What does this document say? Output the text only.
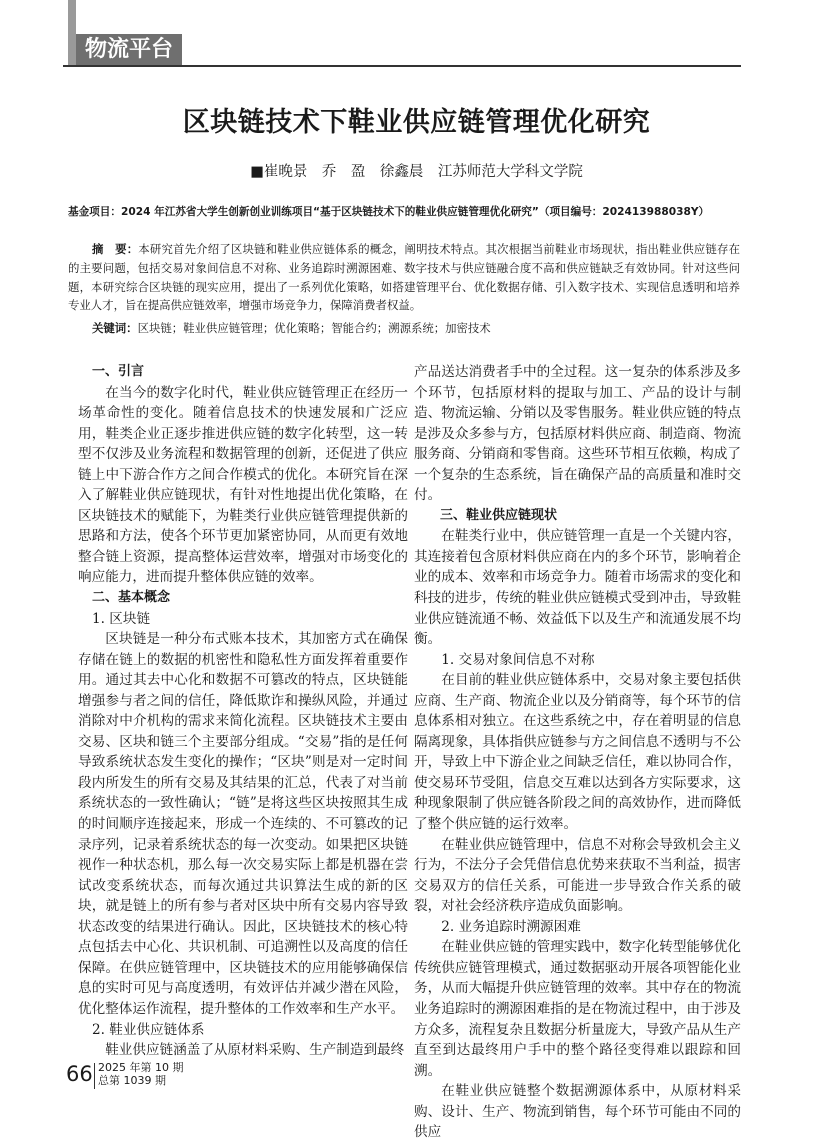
物流平台
区块链技术下鞋业供应链管理优化研究
■崔晚景　乔　盈　徐鑫晨　江苏师范大学科文学院
基金项目：2024 年江苏省大学生创新创业训练项目“基于区块链技术下的鞋业供应链管理优化研究”（项目编号：202413988038Y）
摘　要：本研究首先介绍了区块链和鞋业供应链体系的概念，阐明技术特点。其次根据当前鞋业市场现状，指出鞋业供应链存在的主要问题，包括交易对象间信息不对称、业务追踪时溯源困难、数字技术与供应链融合度不高和供应链缺乏有效协同。针对这些问题，本研究综合区块链的现实应用，提出了一系列优化策略，如搭建管理平台、优化数据存储、引入数字技术、实现信息透明和培养专业人才，旨在提高供应链效率，增强市场竞争力，保障消费者权益。
关键词：区块链；鞋业供应链管理；优化策略；智能合约；溯源系统；加密技术
一、引言

在当今的数字化时代，鞋业供应链管理正在经历一场革命性的变化。随着信息技术的快速发展和广泛应用，鞋类企业正逐步推进供应链的数字化转型，这一转型不仅涉及业务流程和数据管理的创新，还促进了供应链上中下游合作方之间合作模式的优化。本研究旨在深入了解鞋业供应链现状，有针对性地提出优化策略，在区块链技术的赋能下，为鞋类行业供应链管理提供新的思路和方法，使各个环节更加紧密协同，从而更有效地整合链上资源，提高整体运营效率，增强对市场变化的响应能力，进而提升整体供应链的效率。

二、基本概念

1. 区块链

区块链是一种分布式账本技术，其加密方式在确保存储在链上的数据的机密性和隐私性方面发挥着重要作用。通过其去中心化和数据不可篡改的特点，区块链能增强参与者之间的信任，降低欺诈和操纵风险，并通过消除对中介机构的需求来简化流程。区块链技术主要由交易、区块和链三个主要部分组成。“交易”指的是任何导致系统状态发生变化的操作；“区块”则是对一定时间段内所发生的所有交易及其结果的汇总，代表了对当前系统状态的一致性确认；“链”是将这些区块按照其生成的时间顺序连接起来，形成一个连续的、不可篡改的记录序列，记录着系统状态的每一次变动。如果把区块链视作一种状态机，那么每一次交易实际上都是机器在尝试改变系统状态，而每次通过共识算法生成的新的区块，就是链上的所有参与者对区块中所有交易内容导致状态改变的结果进行确认。因此，区块链技术的核心特点包括去中心化、共识机制、可追溯性以及高度的信任保障。在供应链管理中，区块链技术的应用能够确保信息的实时可见与高度透明，有效评估并减少潜在风险，优化整体运作流程，提升整体的工作效率和生产水平。

2. 鞋业供应链体系

鞋业供应链涵盖了从原材料采购、生产制造到最终

产品送达消费者手中的全过程。这一复杂的体系涉及多个环节，包括原材料的提取与加工、产品的设计与制造、物流运输、分销以及零售服务。鞋业供应链的特点是涉及众多参与方，包括原材料供应商、制造商、物流服务商、分销商和零售商。这些环节相互依赖，构成了一个复杂的生态系统，旨在确保产品的高质量和准时交付。

三、鞋业供应链现状

在鞋类行业中，供应链管理一直是一个关键内容，其连接着包含原材料供应商在内的多个环节，影响着企业的成本、效率和市场竞争力。随着市场需求的变化和科技的进步，传统的鞋业供应链模式受到冲击，导致鞋业供应链流通不畅、效益低下以及生产和流通发展不均衡。

1. 交易对象间信息不对称

在目前的鞋业供应链体系中，交易对象主要包括供应商、生产商、物流企业以及分销商等，每个环节的信息体系相对独立。在这些系统之中，存在着明显的信息隔离现象，具体指供应链参与方之间信息不透明与不公开，导致上中下游企业之间缺乏信任，难以协同合作，使交易环节受阻，信息交互难以达到各方实际要求，这种现象限制了供应链各阶段之间的高效协作，进而降低了整个供应链的运行效率。

在鞋业供应链管理中，信息不对称会导致机会主义行为，不法分子会凭借信息优势来获取不当利益，损害交易双方的信任关系，可能进一步导致合作关系的破裂，对社会经济秩序造成负面影响。

2. 业务追踪时溯源困难

在鞋业供应链的管理实践中，数字化转型能够优化传统供应链管理模式，通过数据驱动开展各项智能化业务，从而大幅提升供应链管理的效率。其中存在的物流业务追踪时的溯源困难指的是在物流过程中，由于涉及方众多，流程复杂且数据分析量庞大，导致产品从生产直至到达最终用户手中的整个路径变得难以跟踪和回溯。

在鞋业供应链整个数据溯源体系中，从原材料采购、设计、生产、物流到销售，每个环节可能由不同的供应

66 2025 年第 10 期
总第 1039 期
